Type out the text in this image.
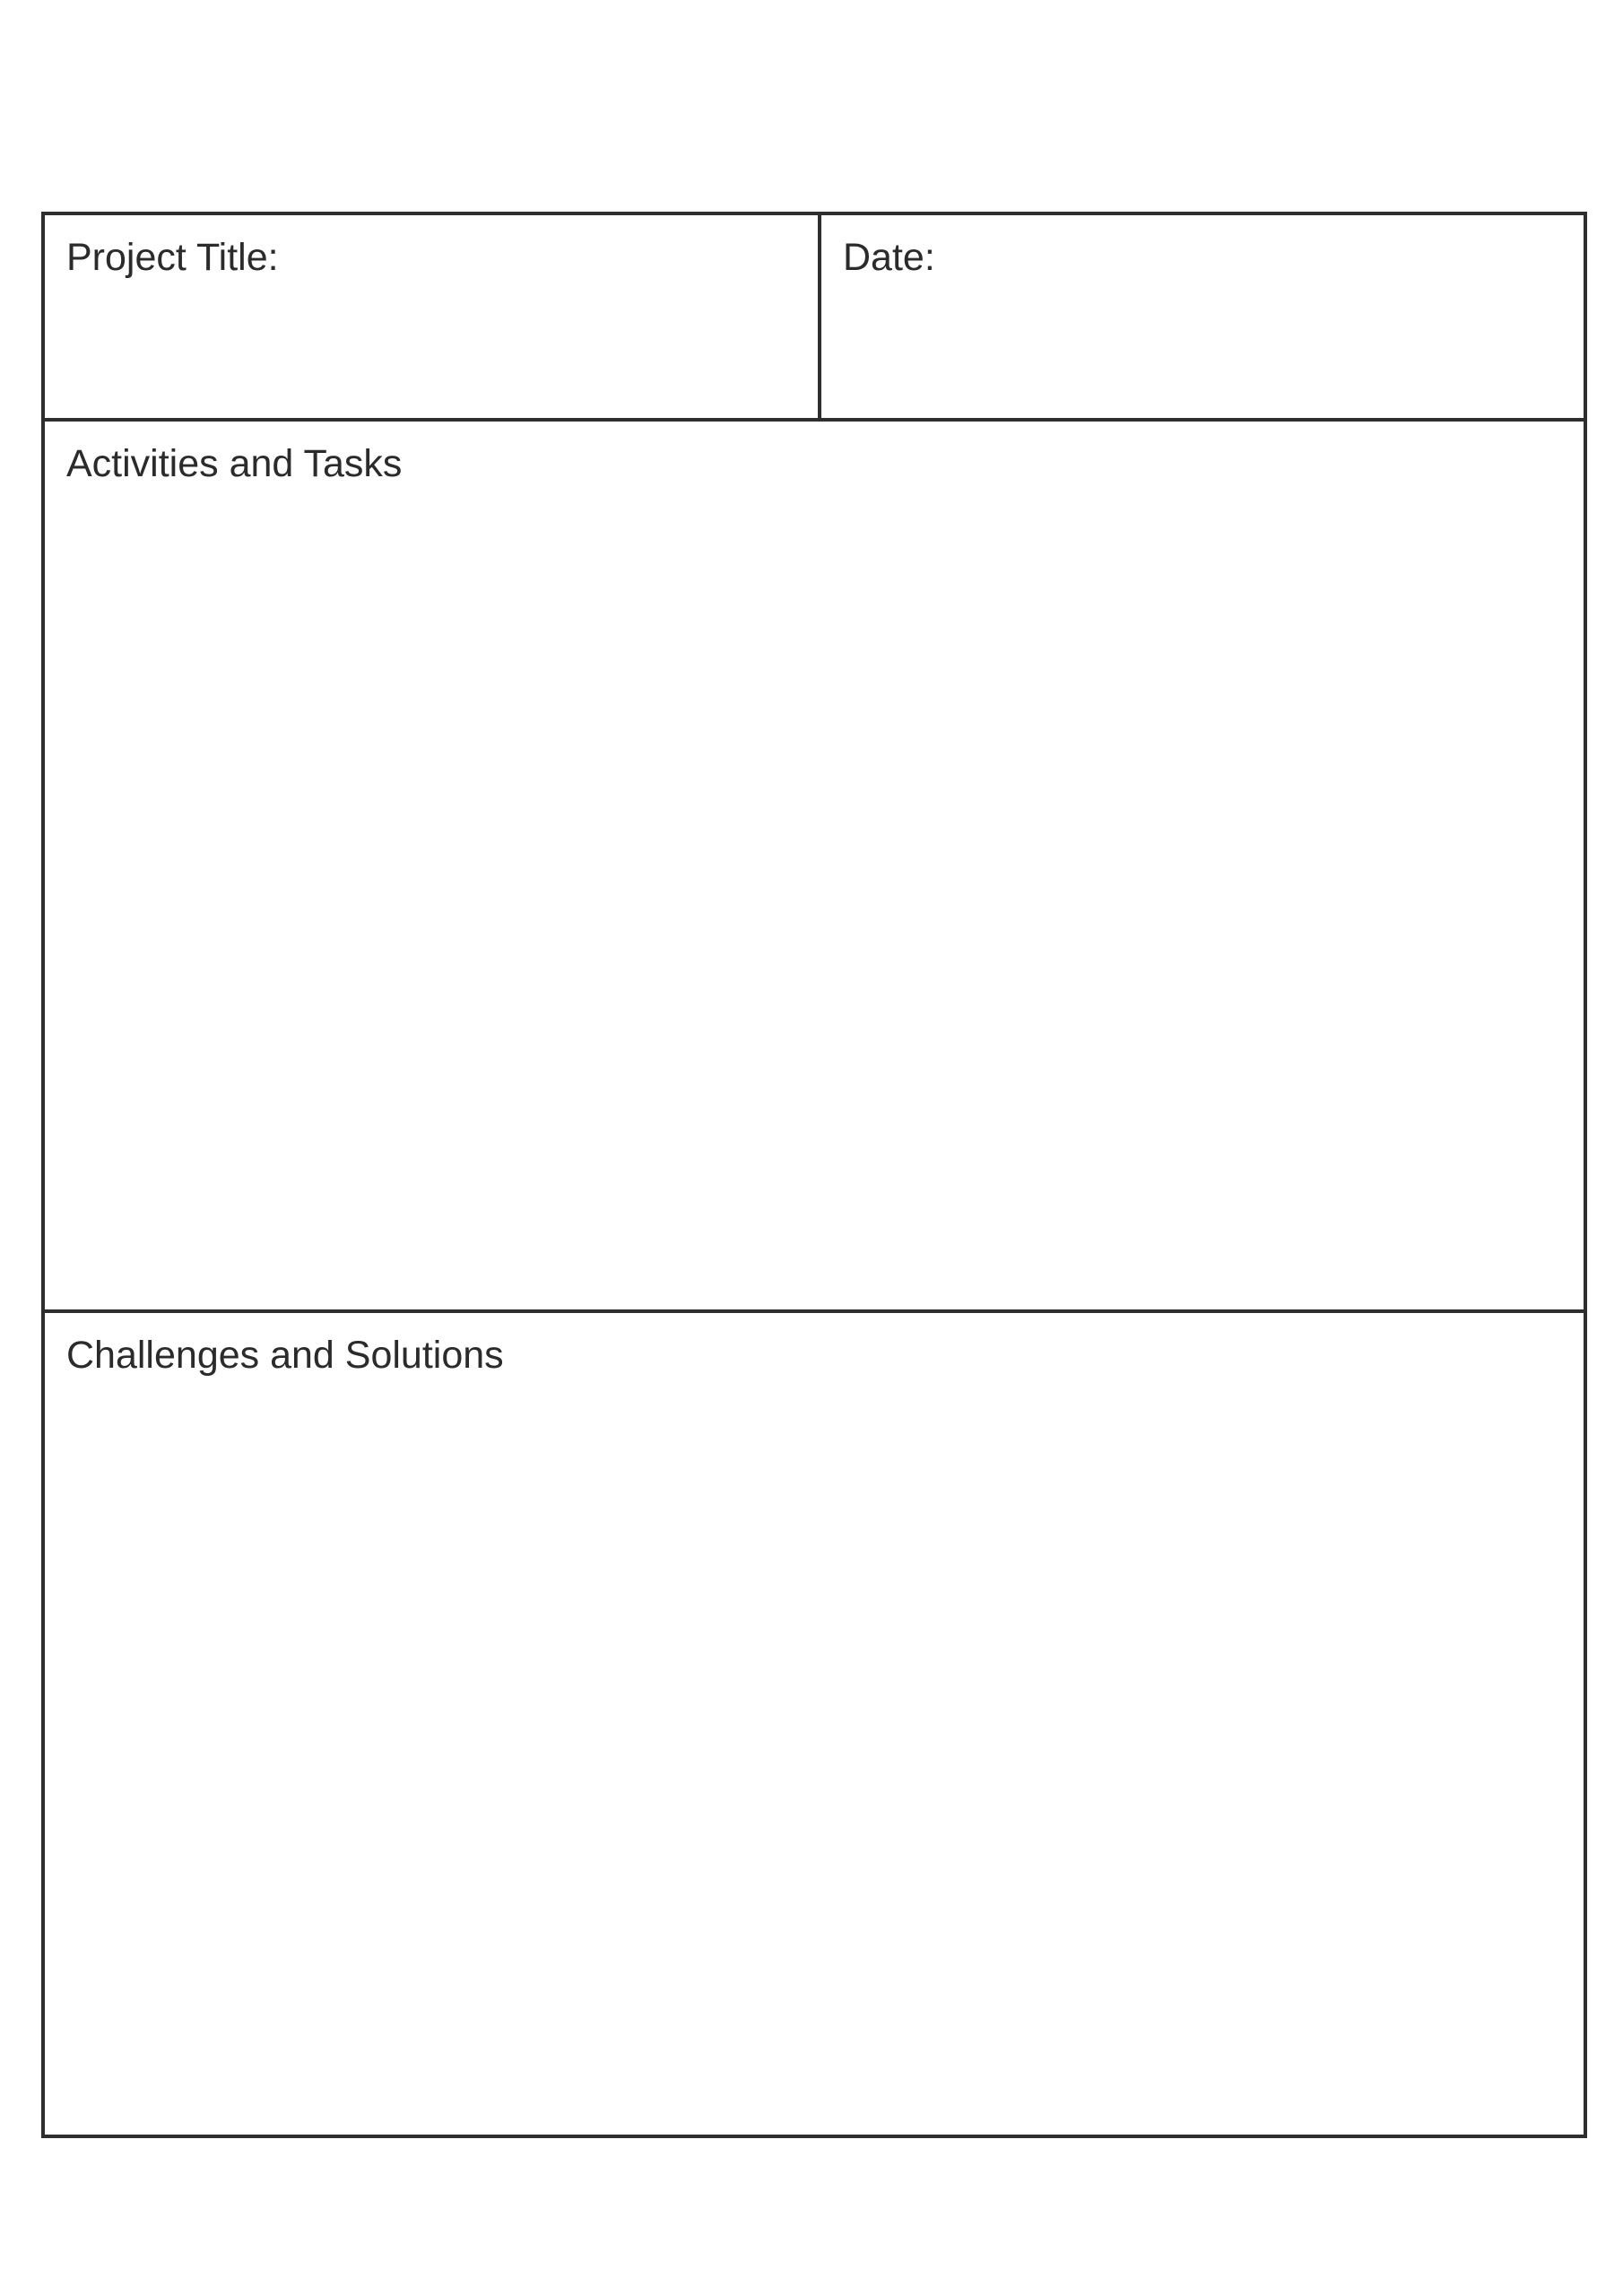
Project Title:	Date:
Activities and Tasks
Challenges and Solutions
